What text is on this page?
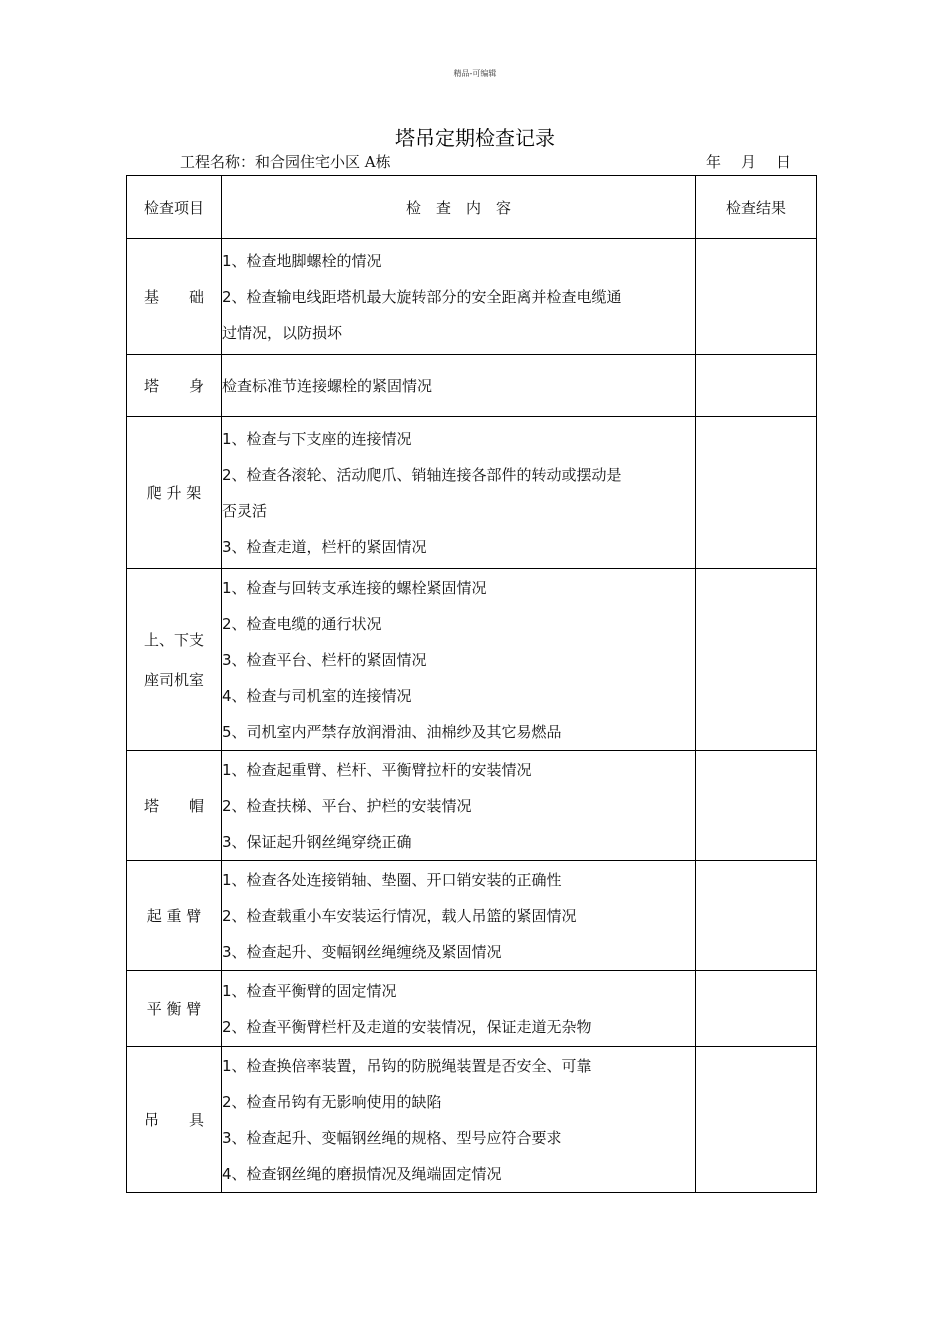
精品-可编辑
塔吊定期检查记录
工程名称：和合园住宅小区 A栋	年 月 日
检查项目	检　查　内　容	检查结果
基　　础	1、检查地脚螺栓的情况
2、检查输电线距塔机最大旋转部分的安全距离并检查电缆通
过情况，以防损坏	

塔　　身	检查标准节连接螺栓的紧固情况	

爬 升 架	1、检查与下支座的连接情况
2、检查各滚轮、活动爬爪、销轴连接各部件的转动或摆动是
否灵活
3、检查走道，栏杆的紧固情况	

上、下支座司机室	1、检查与回转支承连接的螺栓紧固情况
2、检查电缆的通行状况
3、检查平台、栏杆的紧固情况
4、检查与司机室的连接情况
5、司机室内严禁存放润滑油、油棉纱及其它易燃品	

塔　　帽	1、检查起重臂、栏杆、平衡臂拉杆的安装情况
2、检查扶梯、平台、护栏的安装情况
3、保证起升钢丝绳穿绕正确	

起 重 臂	1、检查各处连接销轴、垫圈、开口销安装的正确性
2、检查载重小车安装运行情况，载人吊篮的紧固情况
3、检查起升、变幅钢丝绳缠绕及紧固情况	

平 衡 臂	1、检查平衡臂的固定情况
2、检查平衡臂栏杆及走道的安装情况，保证走道无杂物	

吊　　具	1、检查换倍率装置，吊钩的防脱绳装置是否安全、可靠
2、检查吊钩有无影响使用的缺陷
3、检查起升、变幅钢丝绳的规格、型号应符合要求
4、检查钢丝绳的磨损情况及绳端固定情况	
